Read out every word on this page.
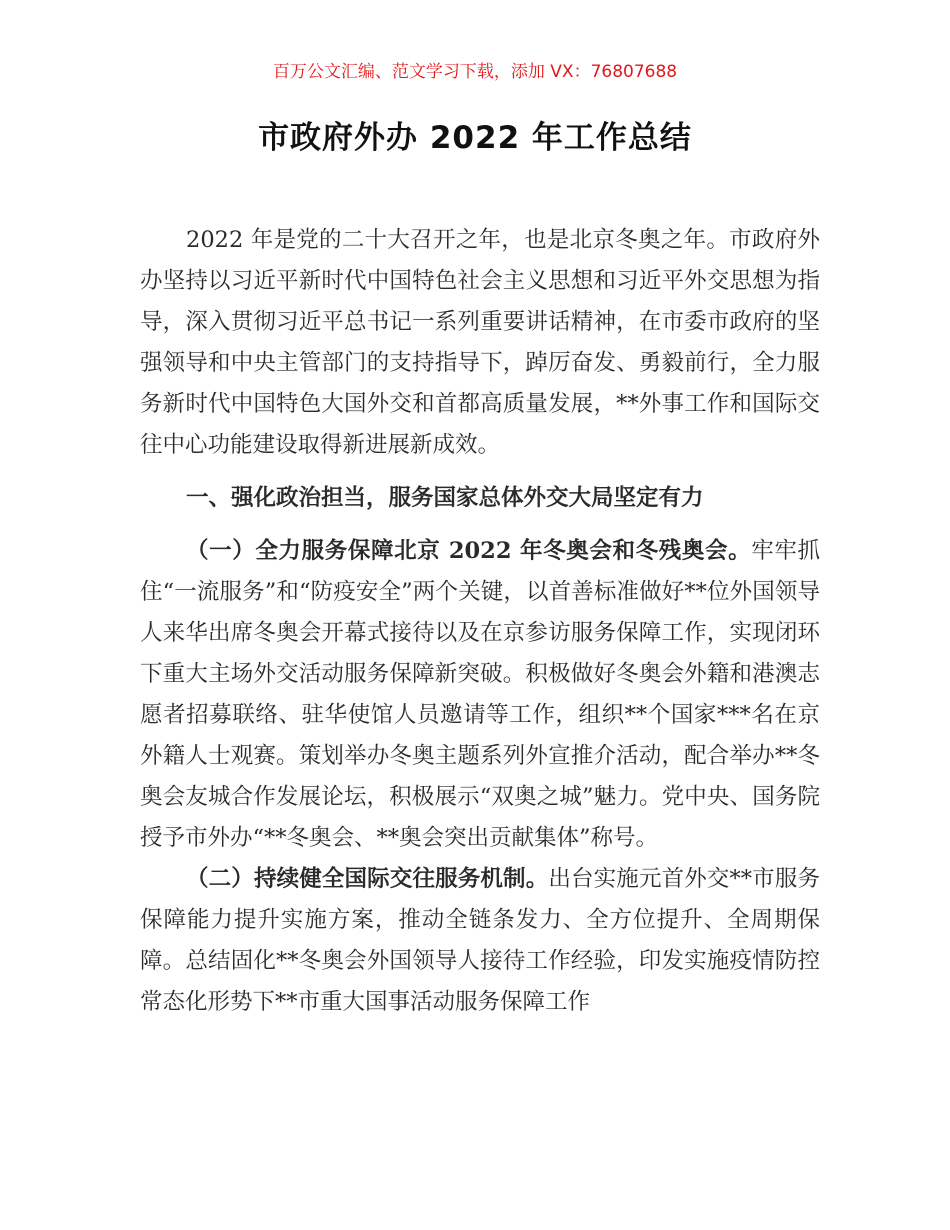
百万公文汇编、范文学习下载，添加 VX：76807688
市政府外办 2022 年工作总结

2022 年是党的二十大召开之年，也是北京冬奥之年。市政府外办坚持以习近平新时代中国特色社会主义思想和习近平外交思想为指导，深入贯彻习近平总书记一系列重要讲话精神，在市委市政府的坚强领导和中央主管部门的支持指导下，踔厉奋发、勇毅前行，全力服务新时代中国特色大国外交和首都高质量发展，**外事工作和国际交往中心功能建设取得新进展新成效。

一、强化政治担当，服务国家总体外交大局坚定有力

（一）全力服务保障北京 2022 年冬奥会和冬残奥会。牢牢抓住“一流服务”和“防疫安全”两个关键，以首善标准做好**位外国领导人来华出席冬奥会开幕式接待以及在京参访服务保障工作，实现闭环下重大主场外交活动服务保障新突破。积极做好冬奥会外籍和港澳志愿者招募联络、驻华使馆人员邀请等工作，组织**个国家***名在京外籍人士观赛。策划举办冬奥主题系列外宣推介活动，配合举办**冬奥会友城合作发展论坛，积极展示“双奥之城”魅力。党中央、国务院授予市外办“**冬奥会、**奥会突出贡献集体”称号。

（二）持续健全国际交往服务机制。出台实施元首外交**市服务保障能力提升实施方案，推动全链条发力、全方位提升、全周期保障。总结固化**冬奥会外国领导人接待工作经验，印发实施疫情防控常态化形势下**市重大国事活动服务保障工作
